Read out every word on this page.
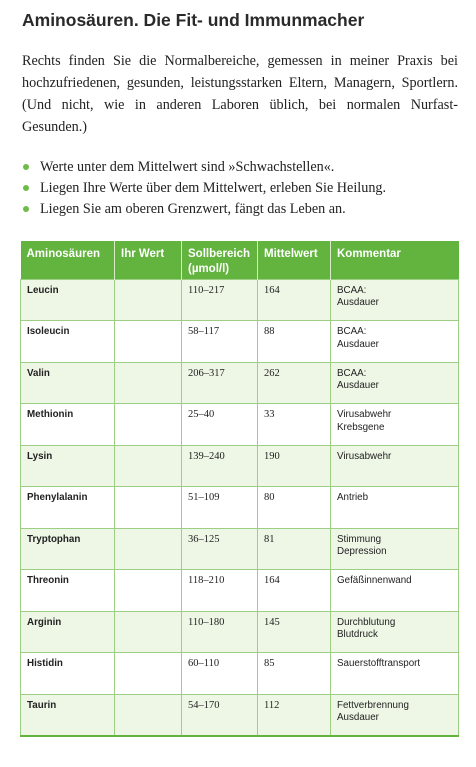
Aminosäuren. Die Fit- und Immunmacher
Rechts finden Sie die Normalbereiche, gemessen in meiner Praxis bei hochzufriedenen, gesunden, leistungsstarken Eltern, Managern, Sportlern. (Und nicht, wie in anderen Laboren üblich, bei normalen Nurfast-Gesunden.)
Werte unter dem Mittelwert sind »Schwachstellen«.
Liegen Ihre Werte über dem Mittelwert, erleben Sie Heilung.
Liegen Sie am oberen Grenzwert, fängt das Leben an.
Aminosäuren	Ihr Wert	Sollbereich (µmol/l)	Mittelwert	Kommentar
Leucin		110–217	164	BCAA:
Ausdauer
Isoleucin		58–117	88	BCAA:
Ausdauer
Valin		206–317	262	BCAA:
Ausdauer
Methionin		25–40	33	Virusabwehr
Krebsgene
Lysin		139–240	190	Virusabwehr
Phenylalanin		51–109	80	Antrieb
Tryptophan		36–125	81	Stimmung
Depression
Threonin		118–210	164	Gefäßinnenwand
Arginin		110–180	145	Durchblutung
Blutdruck
Histidin		60–110	85	Sauerstofftransport
Taurin		54–170	112	Fettverbrennung
Ausdauer
